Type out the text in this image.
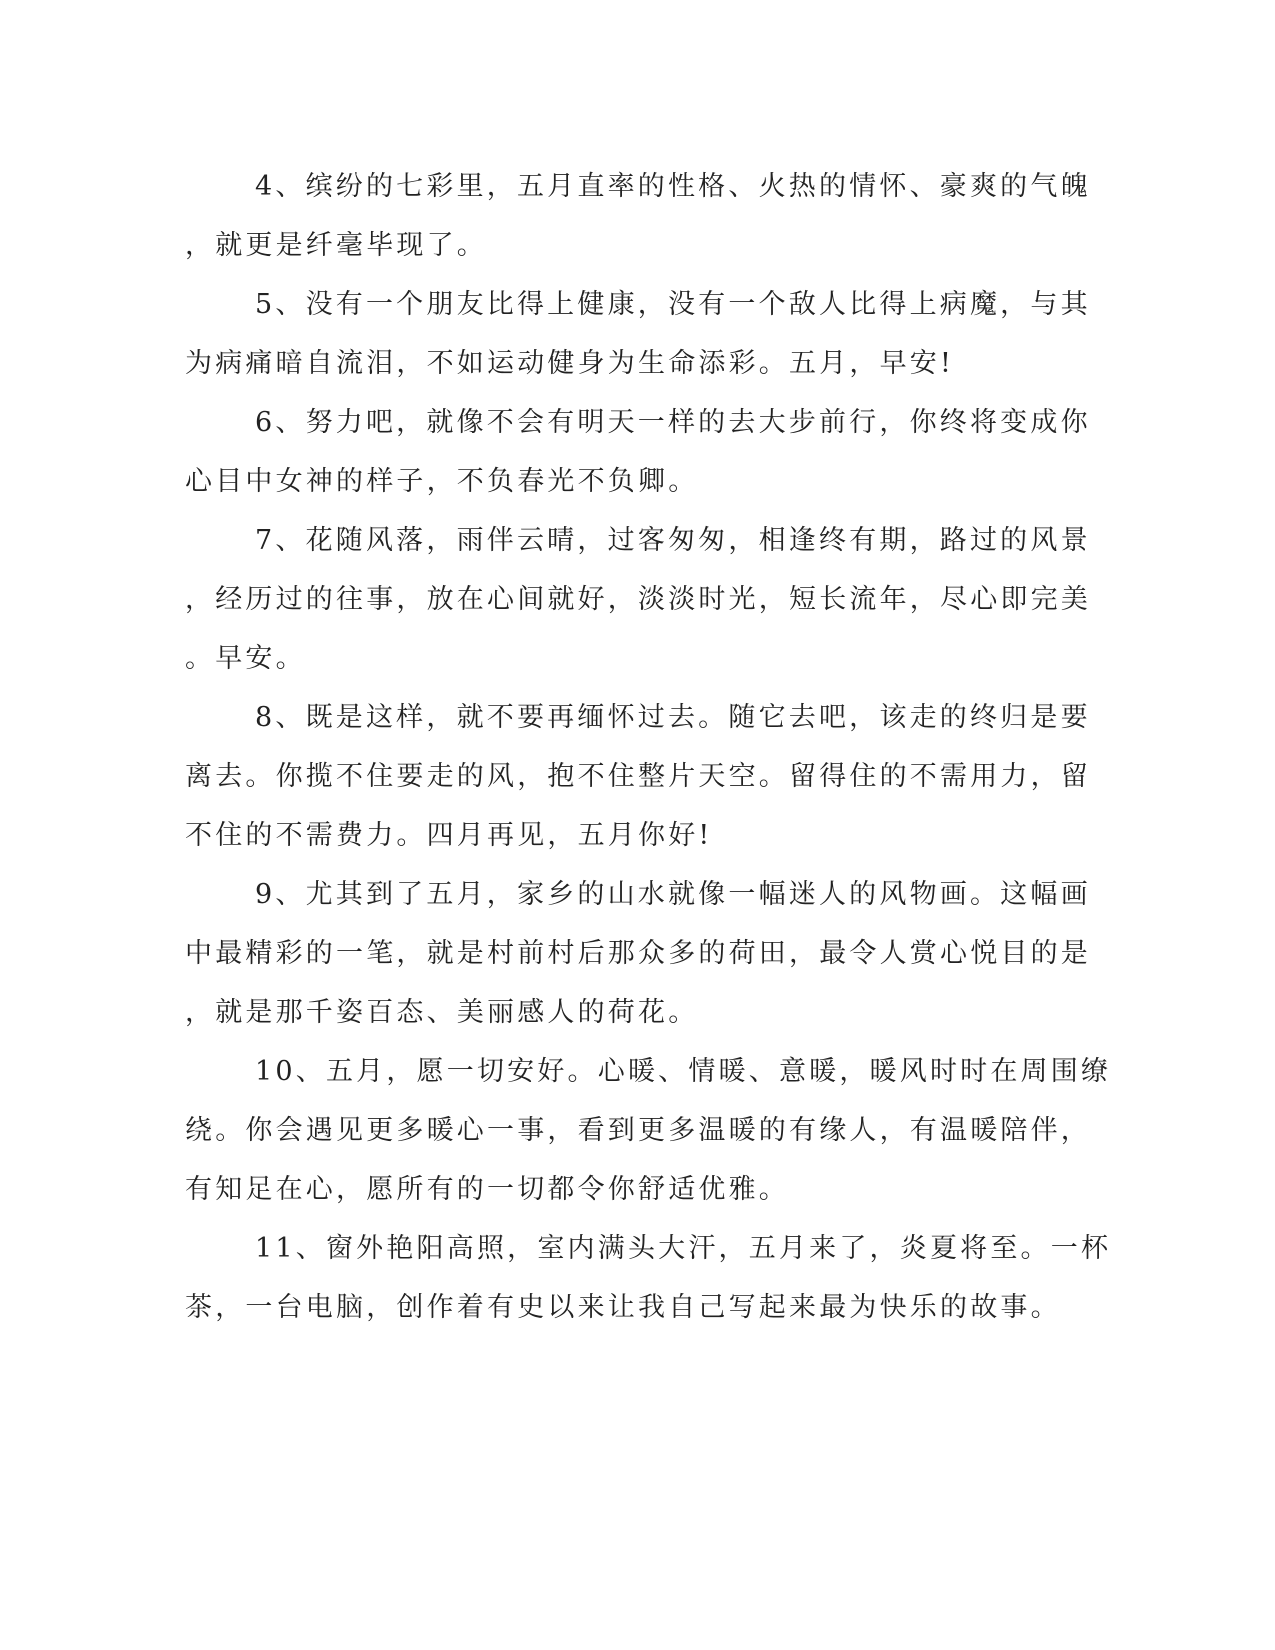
4、缤纷的七彩里，五月直率的性格、火热的情怀、豪爽的气魄
，就更是纤毫毕现了。

5、没有一个朋友比得上健康，没有一个敌人比得上病魔，与其
为病痛暗自流泪，不如运动健身为生命添彩。五月，早安!

6、努力吧，就像不会有明天一样的去大步前行，你终将变成你
心目中女神的样子，不负春光不负卿。

7、花随风落，雨伴云晴，过客匆匆，相逢终有期，路过的风景
，经历过的往事，放在心间就好，淡淡时光，短长流年，尽心即完美
。早安。

8、既是这样，就不要再缅怀过去。随它去吧，该走的终归是要
离去。你揽不住要走的风，抱不住整片天空。留得住的不需用力，留
不住的不需费力。四月再见，五月你好!

9、尤其到了五月，家乡的山水就像一幅迷人的风物画。这幅画
中最精彩的一笔，就是村前村后那众多的荷田，最令人赏心悦目的是
，就是那千姿百态、美丽感人的荷花。

10、五月，愿一切安好。心暖、情暖、意暖，暖风时时在周围缭
绕。你会遇见更多暖心一事，看到更多温暖的有缘人，有温暖陪伴，
有知足在心，愿所有的一切都令你舒适优雅。

11、窗外艳阳高照，室内满头大汗，五月来了，炎夏将至。一杯
茶，一台电脑，创作着有史以来让我自己写起来最为快乐的故事。
